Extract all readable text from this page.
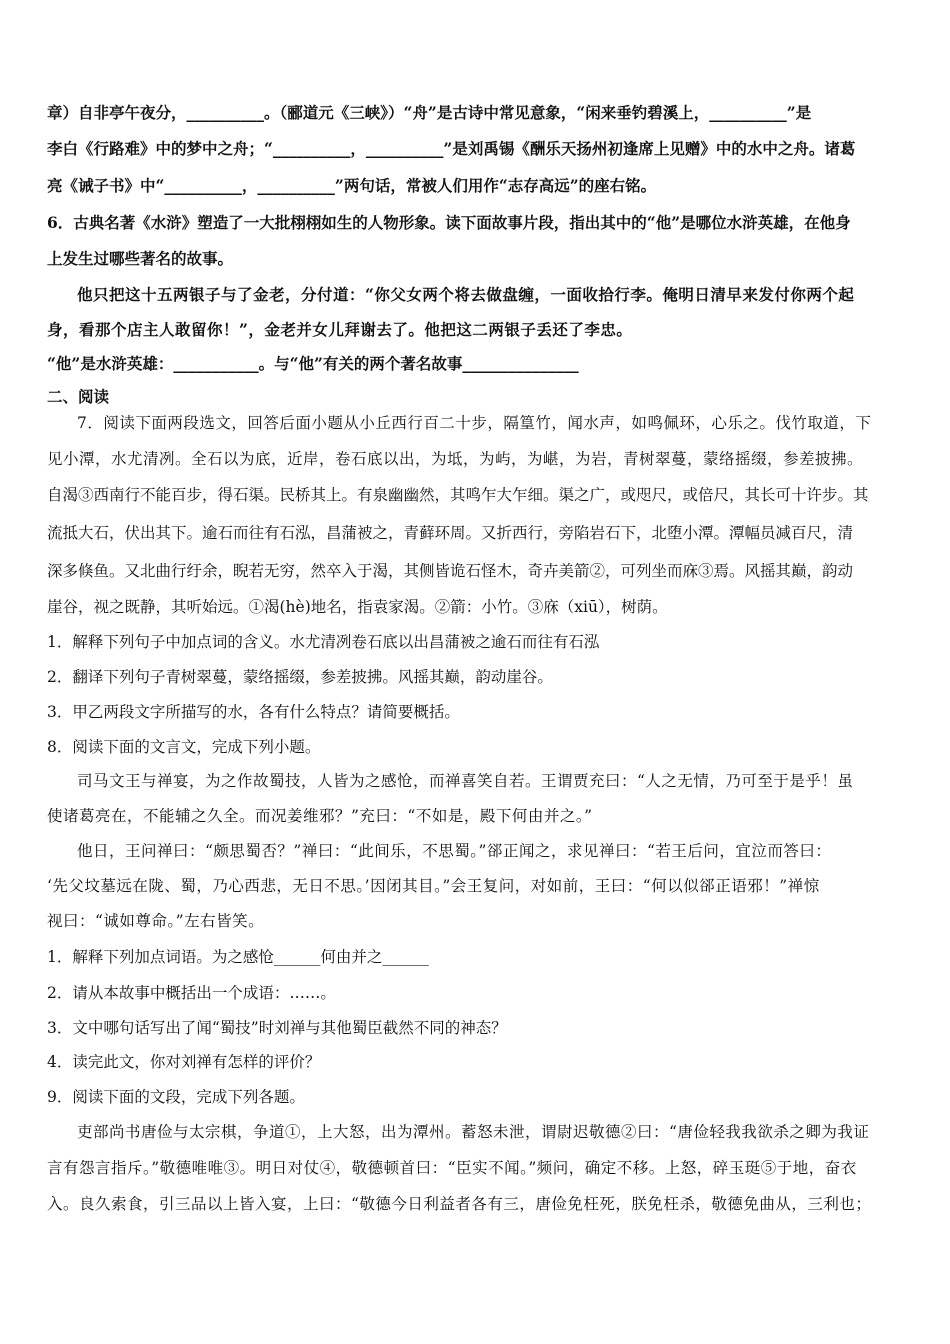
章）自非亭午夜分，__________。（郦道元《三峡》）“舟”是古诗中常见意象，“闲来垂钓碧溪上，__________”是
李白《行路难》中的梦中之舟；“__________，__________”是刘禹锡《酬乐天扬州初逢席上见赠》中的水中之舟。诸葛
亮《诫子书》中“__________，__________”两句话，常被人们用作“志存高远”的座右铭。
6．古典名著《水浒》塑造了一大批栩栩如生的人物形象。读下面故事片段，指出其中的“他”是哪位水浒英雄，在他身
上发生过哪些著名的故事。
他只把这十五两银子与了金老，分付道：“你父女两个将去做盘缠，一面收拾行李。俺明日清早来发付你两个起
身，看那个店主人敢留你！”，金老并女儿拜谢去了。他把这二两银子丢还了李忠。
“他”是水浒英雄：___________。与“他”有关的两个著名故事_______________
二、阅读
7．阅读下面两段选文，回答后面小题从小丘西行百二十步，隔篁竹，闻水声，如鸣佩环，心乐之。伐竹取道，下
见小潭，水尤清冽。全石以为底，近岸，卷石底以出，为坻，为屿，为嵁，为岩，青树翠蔓，蒙络摇缀，参差披拂。
自渴③西南行不能百步，得石渠。民桥其上。有泉幽幽然，其鸣乍大乍细。渠之广，或咫尺，或倍尺，其长可十许步。其
流抵大石，伏出其下。逾石而往有石泓，昌蒲被之，青藓环周。又折西行，旁陷岩石下，北堕小潭。潭幅员减百尺，清
深多倏鱼。又北曲行纡余，睨若无穷，然卒入于渴，其侧皆诡石怪木，奇卉美箭②，可列坐而庥③焉。风摇其巅，韵动
崖谷，视之既静，其听始远。①渴(hè)地名，指袁家渴。②箭：小竹。③庥（xiū），树荫。
1．解释下列句子中加点词的含义。水尤清冽卷石底以出昌蒲被之逾石而往有石泓
2．翻译下列句子青树翠蔓，蒙络摇缀，参差披拂。风摇其巅，韵动崖谷。
3．甲乙两段文字所描写的水，各有什么特点？请简要概括。
8．阅读下面的文言文，完成下列小题。
司马文王与禅宴，为之作故蜀技，人皆为之感怆，而禅喜笑自若。王谓贾充曰：“人之无情，乃可至于是乎！虽
使诸葛亮在，不能辅之久全。而况姜维邪？”充曰：“不如是，殿下何由并之。”
他日，王问禅曰：“颇思蜀否？”禅曰：“此间乐，不思蜀。”郤正闻之，求见禅曰：“若王后问，宜泣而答曰：
‘先父坟墓远在陇、蜀，乃心西悲，无日不思。’因闭其目。”会王复问，对如前，王曰：“何以似郤正语邪！”禅惊
视曰：“诚如尊命。”左右皆笑。
1．解释下列加点词语。为之感怆______何由并之______
2．请从本故事中概括出一个成语：……。
3．文中哪句话写出了闻“蜀技”时刘禅与其他蜀臣截然不同的神态？
4．读完此文，你对刘禅有怎样的评价？
9．阅读下面的文段，完成下列各题。
吏部尚书唐俭与太宗棋，争道①，上大怒，出为潭州。蓄怒未泄，谓尉迟敬德②曰：“唐俭轻我我欲杀之卿为我证
言有怨言指斥。”敬德唯唯③。明日对仗④，敬德顿首曰：“臣实不闻。”频问，确定不移。上怒，碎玉珽⑤于地，奋衣
入。良久索食，引三品以上皆入宴，上曰：“敬德今日利益者各有三，唐俭免枉死，朕免枉杀，敬德免曲从，三利也；
